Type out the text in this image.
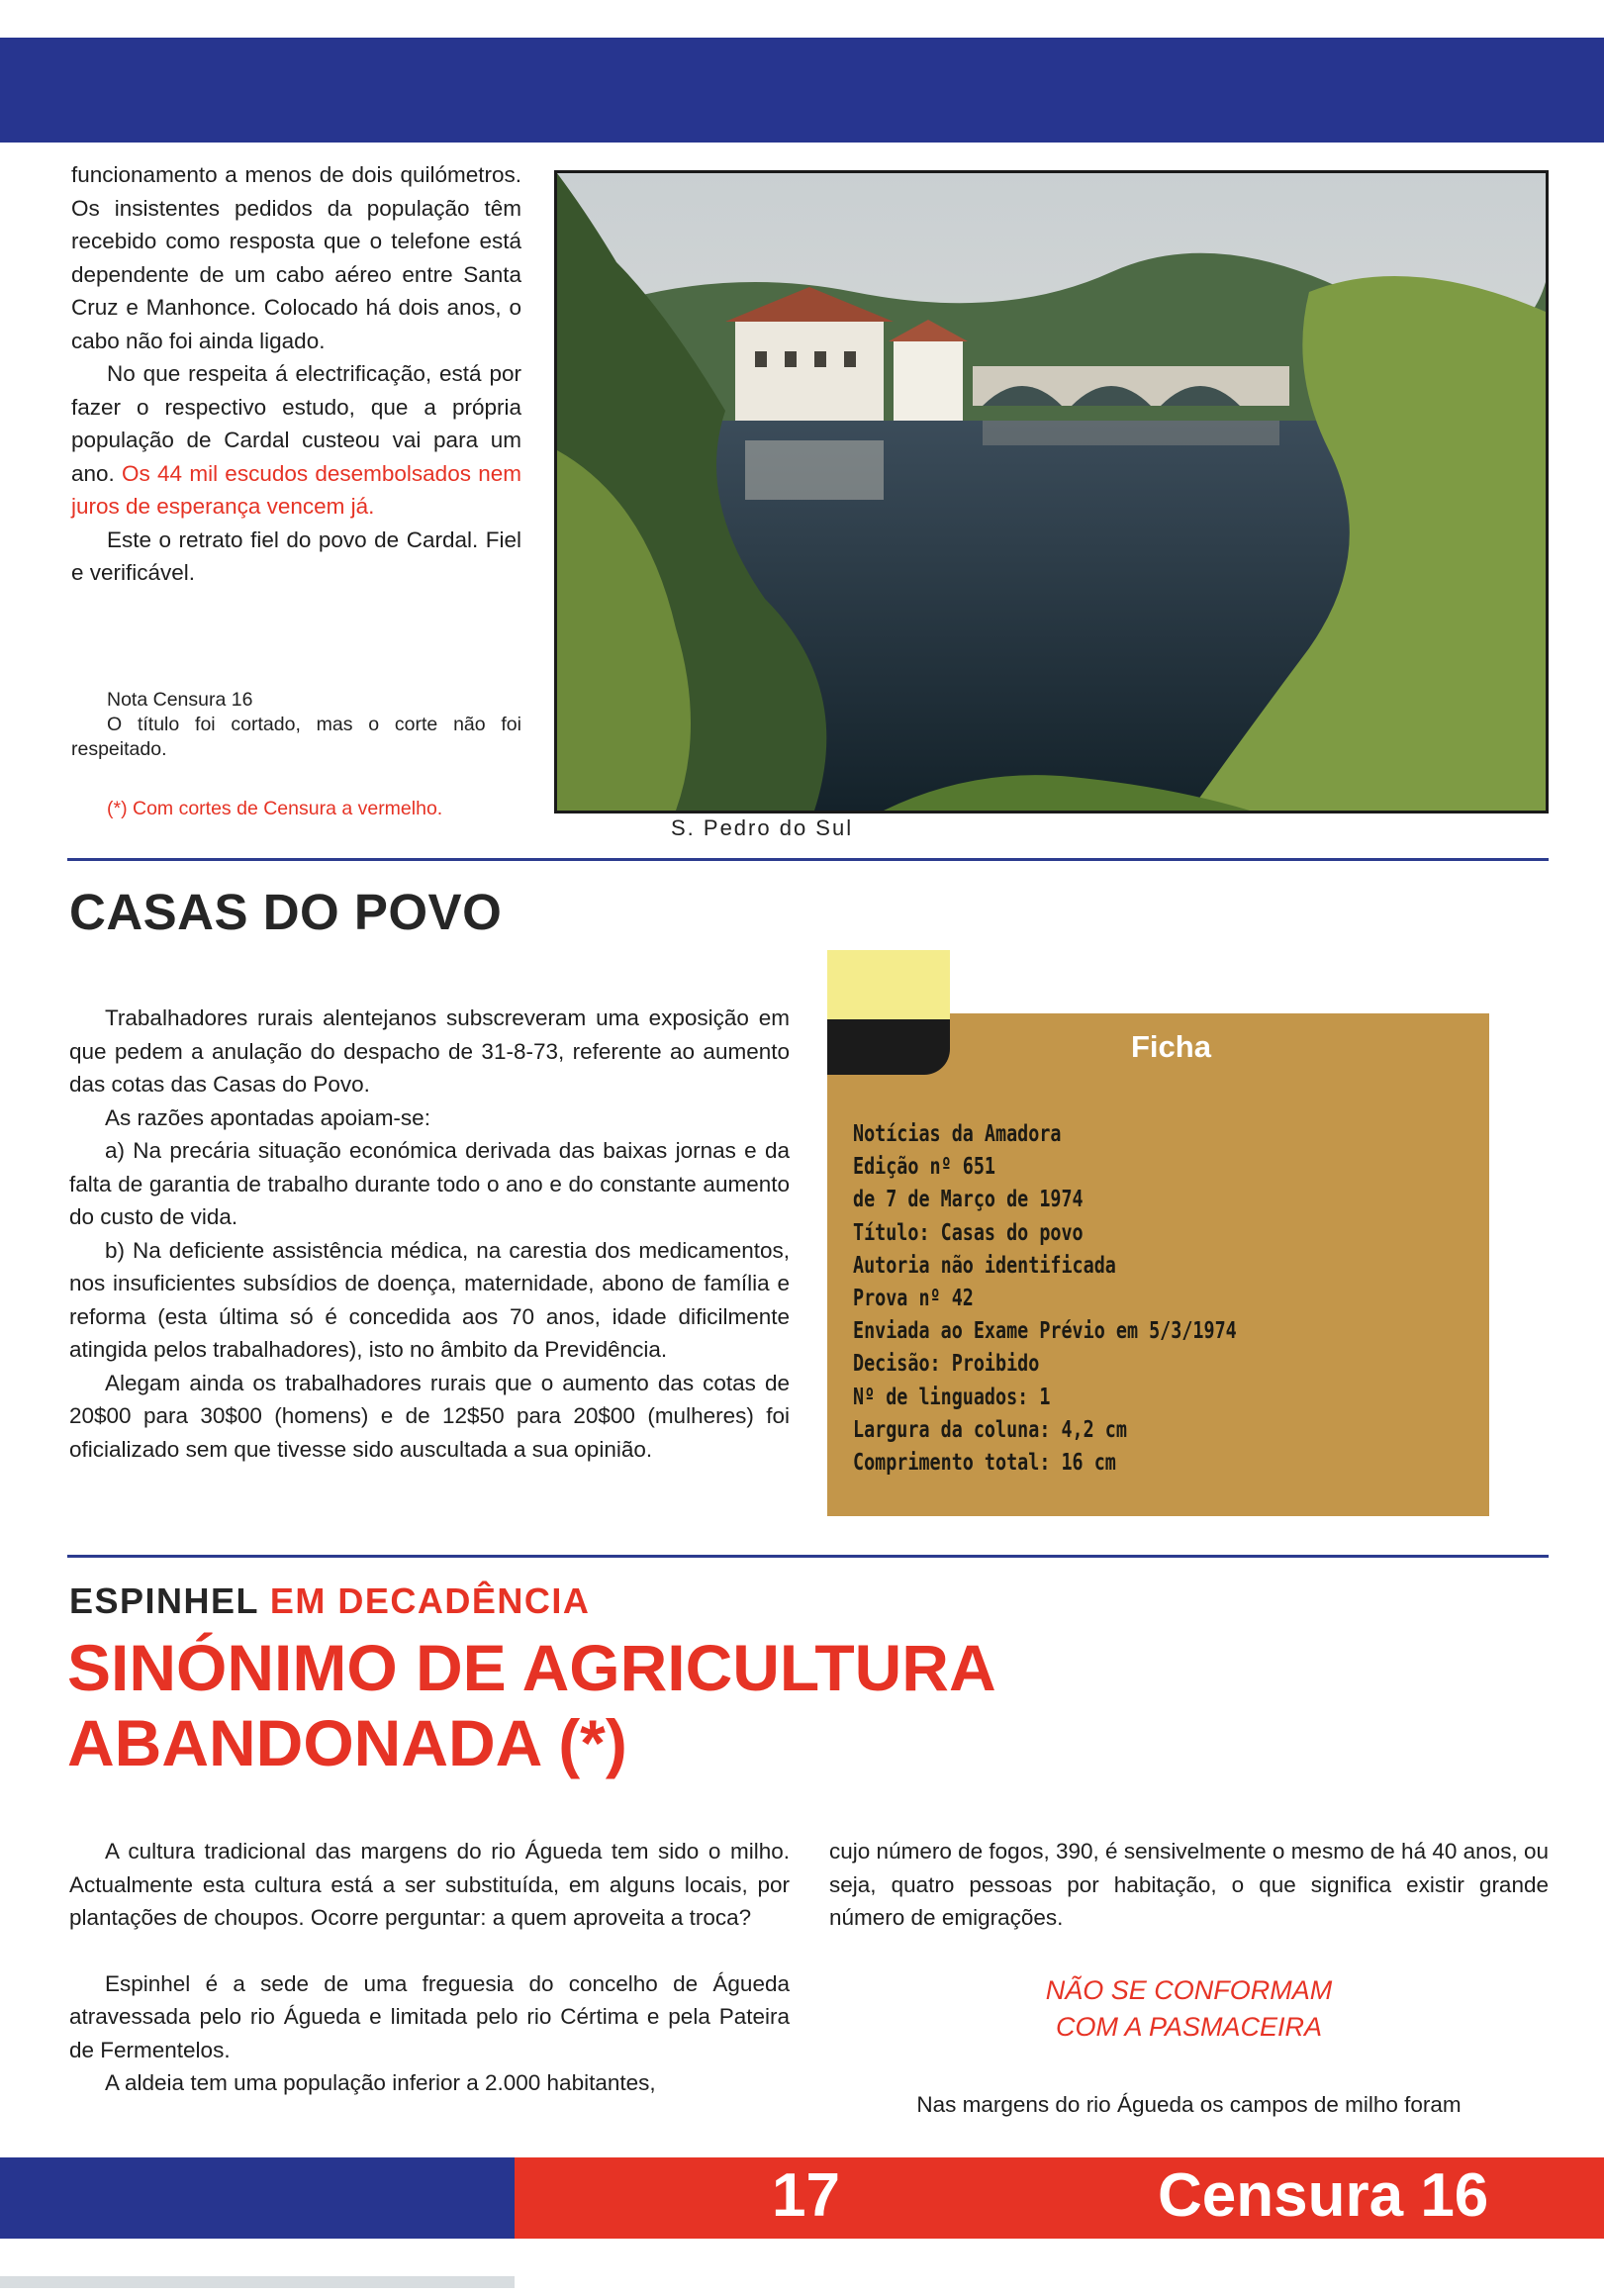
funcionamento a menos de dois quilómetros. Os insistentes pedidos da população têm recebido como resposta que o telefone está dependente de um cabo aéreo entre Santa Cruz e Manhonce. Colocado há dois anos, o cabo não foi ainda ligado.

No que respeita á electrificação, está por fazer o respectivo estudo, que a própria população de Cardal custeou vai para um ano. Os 44 mil escudos desembolsados nem juros de esperança vencem já.

Este o retrato fiel do povo de Cardal. Fiel e verificável.

Nota Censura 16

O título foi cortado, mas o corte não foi respeitado.

(*) Com cortes de Censura a vermelho.
S. Pedro do Sul
CASAS DO POVO

Trabalhadores rurais alentejanos subscreveram uma exposição em que pedem a anulação do despacho de 31-8-73, referente ao aumento das cotas das Casas do Povo.

As razões apontadas apoiam-se:

a) Na precária situação económica derivada das baixas jornas e da falta de garantia de trabalho durante todo o ano e do constante aumento do custo de vida.

b) Na deficiente assistência médica, na carestia dos medicamentos, nos insuficientes subsídios de doença, maternidade, abono de família e reforma (esta última só é concedida aos 70 anos, idade dificilmente atingida pelos trabalhadores), isto no âmbito da Previdência.

Alegam ainda os trabalhadores rurais que o aumento das cotas de 20$00 para 30$00 (homens) e de 12$50 para 20$00 (mulheres) foi oficializado sem que tivesse sido auscultada a sua opinião.

Ficha
Notícias da Amadora
Edição nº 651
de 7 de Março de 1974
Título: Casas do povo
Autoria não identificada
Prova nº 42
Enviada ao Exame Prévio em 5/3/1974
Decisão: Proibido
Nº de linguados: 1
Largura da coluna: 4,2 cm
Comprimento total: 16 cm
ESPINHEL EM DECADÊNCIA
SINÓNIMO DE AGRICULTURA
ABANDONADA (*)

A cultura tradicional das margens do rio Águeda tem sido o milho. Actualmente esta cultura está a ser substituída, em alguns locais, por plantações de choupos. Ocorre perguntar: a quem aproveita a troca?

Espinhel é a sede de uma freguesia do concelho de Águeda atravessada pelo rio Águeda e limitada pelo rio Cértima e pela Pateira de Fermentelos.

A aldeia tem uma população inferior a 2.000 habitantes,

cujo número de fogos, 390, é sensivelmente o mesmo de há 40 anos, ou seja, quatro pessoas por habitação, o que significa existir grande número de emigrações.

NÃO SE CONFORMAM
COM A PASMACEIRA
Nas margens do rio Águeda os campos de milho foram
17	Censura 16
